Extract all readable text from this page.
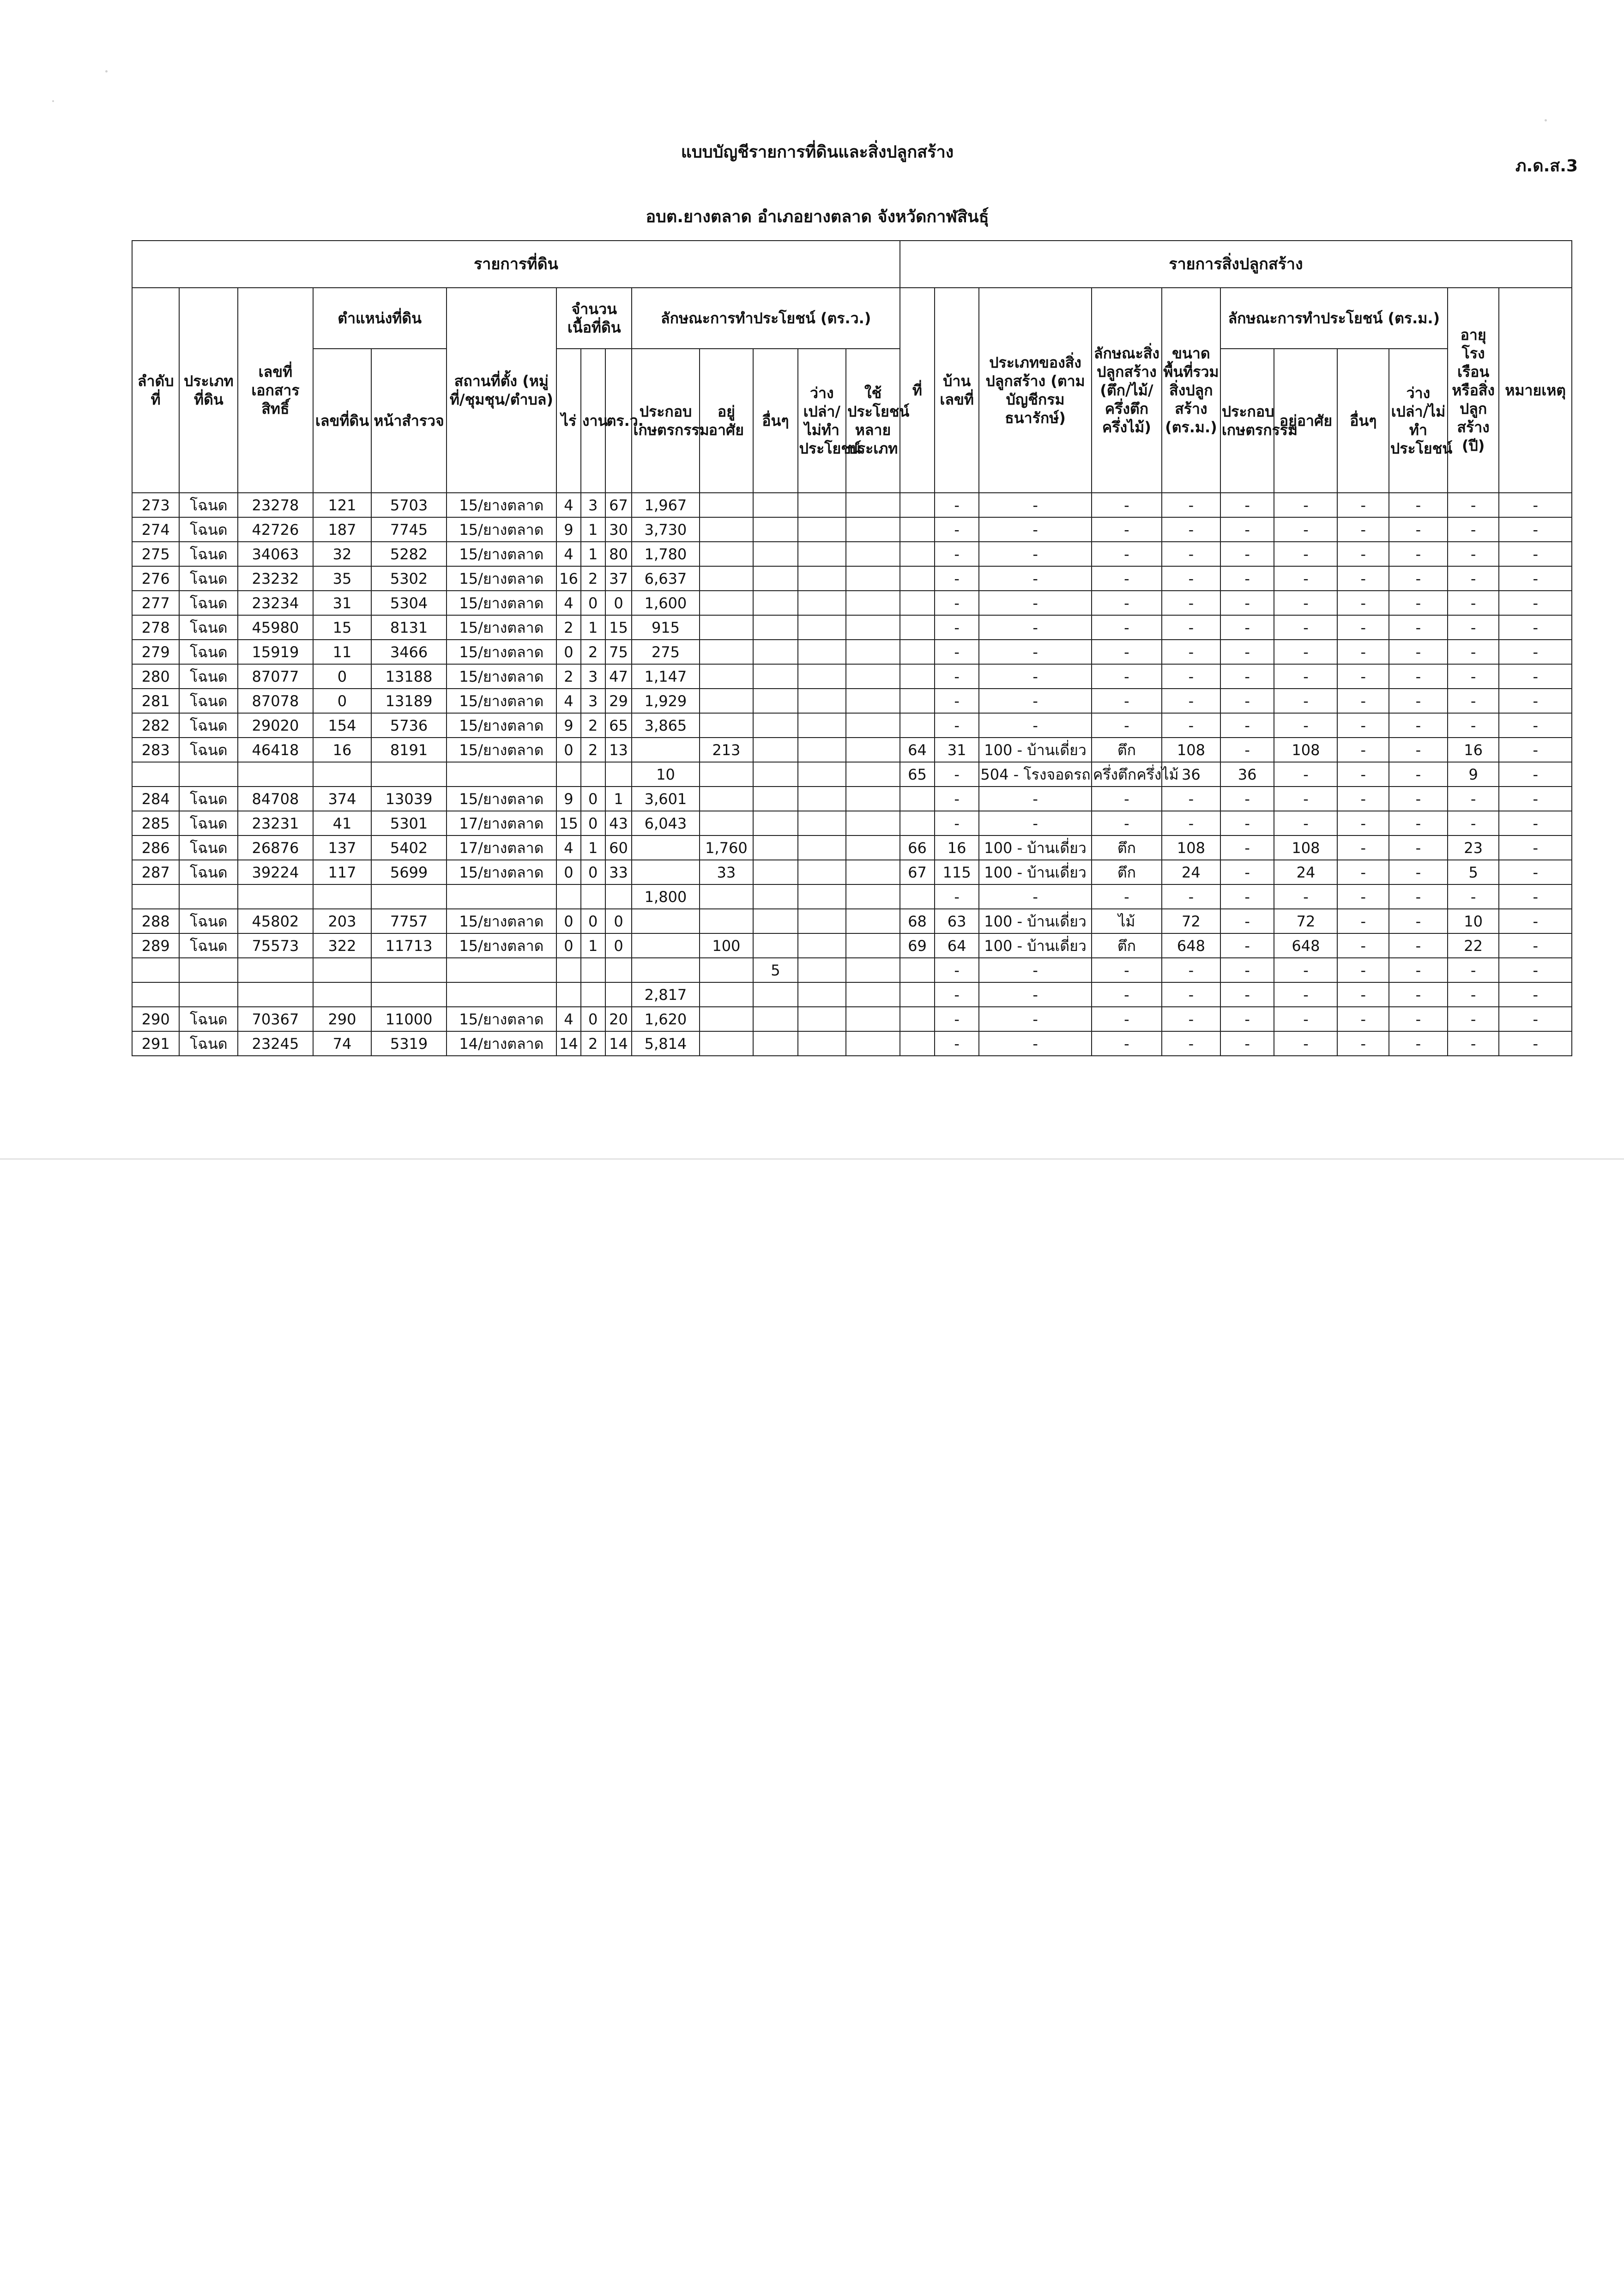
แบบบัญชีรายการที่ดินและสิ่งปลูกสร้าง
ภ.ด.ส.3
อบต.ยางตลาด อำเภอยางตลาด จังหวัดกาฬสินธุ์
รายการที่ดิน														รายการสิ่งปลูกสร้าง										
ลำดับที่	ประเภทที่ดิน	เลขที่เอกสารสิทธิ์	ตำแหน่งที่ดิน		สถานที่ตั้ง (หมู่ที่/ชุมชุน/ตำบล)	จำนวนเนื้อที่ดิน			ลักษณะการทำประโยชน์ (ตร.ว.)					ที่	บ้านเลขที่	ประเภทของสิ่งปลูกสร้าง (ตามบัญชีกรมธนารักษ์)	ลักษณะสิ่งปลูกสร้าง (ตึก/ไม้/ครึ่งตึกครึ่งไม้)	ขนาดพื้นที่รวมสิ่งปลูกสร้าง (ตร.ม.)	ลักษณะการทำประโยชน์ (ตร.ม.)				อายุโรงเรือนหรือสิ่งปลูกสร้าง (ปี)	หมายเหตุ
			เลขที่ดิน	หน้าสำรวจ		ไร่	งาน	ตร.ว.	ประกอบเกษตรกรรม	อยู่อาศัย	อื่นๆ	ว่างเปล่า/ไม่ทำประโยชน์	ใช้ประโยชน์หลายประเภท						ประกอบเกษตรกรรม	อยู่อาศัย	อื่นๆ	ว่างเปล่า/ไม่ทำประโยชน์		
273	โฉนด	23278	121	5703	15/ยางตลาด	4	3	67	1,967						-	-	-	-	-	-	-	-	-	-
274	โฉนด	42726	187	7745	15/ยางตลาด	9	1	30	3,730						-	-	-	-	-	-	-	-	-	-
275	โฉนด	34063	32	5282	15/ยางตลาด	4	1	80	1,780						-	-	-	-	-	-	-	-	-	-
276	โฉนด	23232	35	5302	15/ยางตลาด	16	2	37	6,637						-	-	-	-	-	-	-	-	-	-
277	โฉนด	23234	31	5304	15/ยางตลาด	4	0	0	1,600						-	-	-	-	-	-	-	-	-	-
278	โฉนด	45980	15	8131	15/ยางตลาด	2	1	15	915						-	-	-	-	-	-	-	-	-	-
279	โฉนด	15919	11	3466	15/ยางตลาด	0	2	75	275						-	-	-	-	-	-	-	-	-	-
280	โฉนด	87077	0	13188	15/ยางตลาด	2	3	47	1,147						-	-	-	-	-	-	-	-	-	-
281	โฉนด	87078	0	13189	15/ยางตลาด	4	3	29	1,929						-	-	-	-	-	-	-	-	-	-
282	โฉนด	29020	154	5736	15/ยางตลาด	9	2	65	3,865						-	-	-	-	-	-	-	-	-	-
283	โฉนด	46418	16	8191	15/ยางตลาด	0	2	13		213				64	31	100 - บ้านเดี่ยว	ตึก	108	-	108	-	-	16	-
									10					65	-	504 - โรงจอดรถ	ครึ่งตึกครึ่งไม้	36	36	-	-	-	9	-
284	โฉนด	84708	374	13039	15/ยางตลาด	9	0	1	3,601						-	-	-	-	-	-	-	-	-	-
285	โฉนด	23231	41	5301	17/ยางตลาด	15	0	43	6,043						-	-	-	-	-	-	-	-	-	-
286	โฉนด	26876	137	5402	17/ยางตลาด	4	1	60		1,760				66	16	100 - บ้านเดี่ยว	ตึก	108	-	108	-	-	23	-
287	โฉนด	39224	117	5699	15/ยางตลาด	0	0	33		33				67	115	100 - บ้านเดี่ยว	ตึก	24	-	24	-	-	5	-
									1,800						-	-	-	-	-	-	-	-	-	-
288	โฉนด	45802	203	7757	15/ยางตลาด	0	0	0						68	63	100 - บ้านเดี่ยว	ไม้	72	-	72	-	-	10	-
289	โฉนด	75573	322	11713	15/ยางตลาด	0	1	0		100				69	64	100 - บ้านเดี่ยว	ตึก	648	-	648	-	-	22	-
											5				-	-	-	-	-	-	-	-	-	-
									2,817						-	-	-	-	-	-	-	-	-	-
290	โฉนด	70367	290	11000	15/ยางตลาด	4	0	20	1,620						-	-	-	-	-	-	-	-	-	-
291	โฉนด	23245	74	5319	14/ยางตลาด	14	2	14	5,814						-	-	-	-	-	-	-	-	-	-
